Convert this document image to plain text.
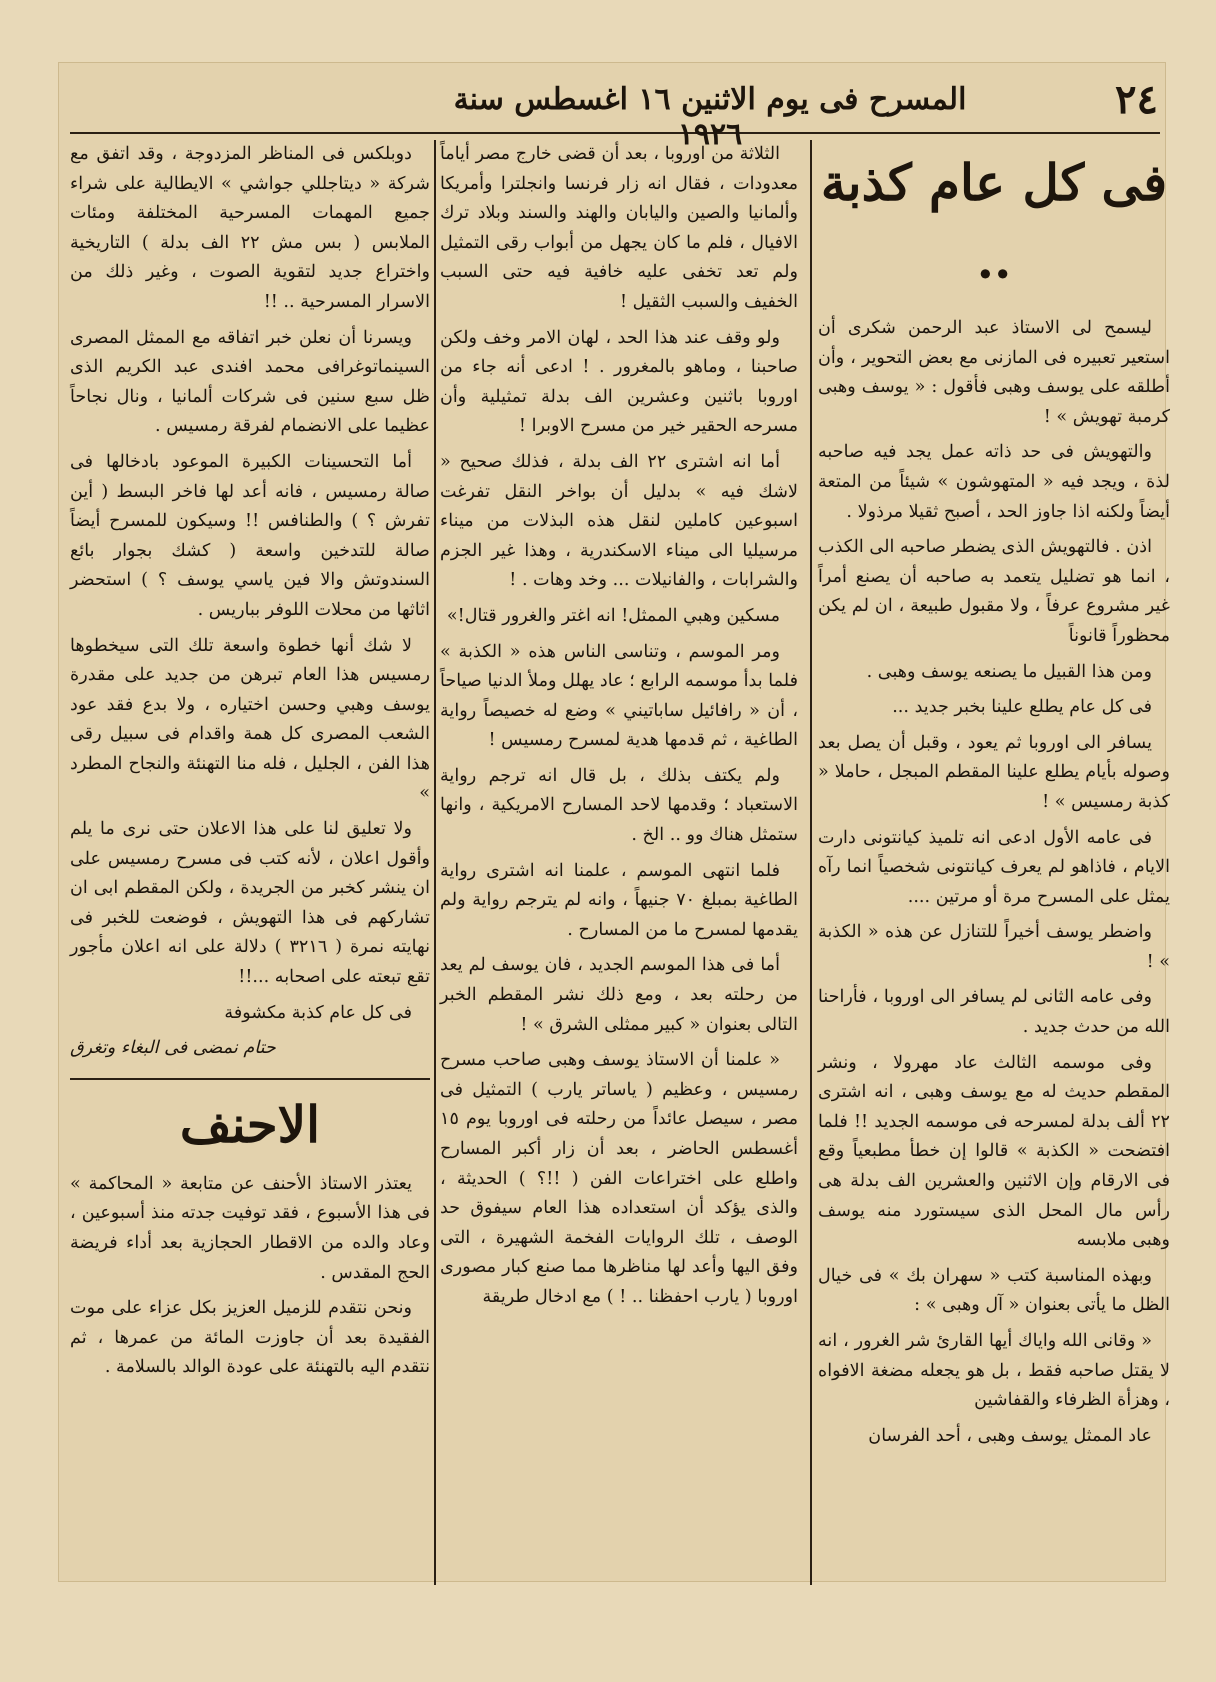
٢٤
المسرح فى يوم الاثنين ١٦ اغسطس سنة ١٩٢٦
فى كل عام كذبة ..

ليسمح لى الاستاذ عبد الرحمن شكرى أن استعير تعبيره فى المازنى مع بعض التحوير ، وأن أطلقه على يوسف وهبى فأقول : « يوسف وهبى كرمبة تهويش » !

والتهويش فى حد ذاته عمل يجد فيه صاحبه لذة ، ويجد فيه « المتهوشون » شيئاً من المتعة أيضاً ولكنه اذا جاوز الحد ، أصبح ثقيلا مرذولا .

اذن . فالتهويش الذى يضطر صاحبه الى الكذب ، انما هو تضليل يتعمد به صاحبه أن يصنع أمراً غير مشروع عرفاً ، ولا مقبول طبيعة ، ان لم يكن محظوراً قانوناً

ومن هذا القبيل ما يصنعه يوسف وهبى .

فى كل عام يطلع علينا بخبر جديد ...

يسافر الى اوروبا ثم يعود ، وقبل أن يصل بعد وصوله بأيام يطلع علينا المقطم المبجل ، حاملا « كذبة رمسيس » !

فى عامه الأول ادعى انه تلميذ كيانتونى دارت الايام ، فاذاهو لم يعرف كيانتونى شخصياً انما رآه يمثل على المسرح مرة أو مرتين ....

واضطر يوسف أخيراً للتنازل عن هذه « الكذبة » !

وفى عامه الثانى لم يسافر الى اوروبا ، فأراحنا الله من حدث جديد .

وفى موسمه الثالث عاد مهرولا ، ونشر المقطم حديث له مع يوسف وهبى ، انه اشترى ٢٢ ألف بدلة لمسرحه فى موسمه الجديد !! فلما افتضحت « الكذبة » قالوا إن خطأ مطبعياً وقع فى الارقام وإن الاثنين والعشرين الف بدلة هى رأس مال المحل الذى سيستورد منه يوسف وهبى ملابسه

وبهذه المناسبة كتب « سهران بك » فى خيال الظل ما يأتى بعنوان « آل وهبى » :

« وقانى الله واياك أيها القارئ شر الغرور ، انه لا يقتل صاحبه فقط ، بل هو يجعله مضغة الافواه ، وهزأة الظرفاء والقفاشين

عاد الممثل يوسف وهبى ، أحد الفرسان

الثلاثة من اوروبا ، بعد أن قضى خارج مصر أياماً معدودات ، فقال انه زار فرنسا وانجلترا وأمريكا وألمانيا والصين واليابان والهند والسند وبلاد ترك الافيال ، فلم ما كان يجهل من أبواب رقى التمثيل ولم تعد تخفى عليه خافية فيه حتى السبب الخفيف والسبب الثقيل !

ولو وقف عند هذا الحد ، لهان الامر وخف ولكن صاحبنا ، وماهو بالمغرور . ! ادعى أنه جاء من اوروبا باثنين وعشرين الف بدلة تمثيلية وأن مسرحه الحقير خير من مسرح الاوبرا !

أما انه اشترى ٢٢ الف بدلة ، فذلك صحيح « لاشك فيه » بدليل أن بواخر النقل تفرغت اسبوعين كاملين لنقل هذه البذلات من ميناء مرسيليا الى ميناء الاسكندرية ، وهذا غير الجزم والشرابات ، والفانيلات ... وخد وهات . !

مسكين وهبي الممثل! انه اغتر والغرور قتال!»

ومر الموسم ، وتناسى الناس هذه « الكذبة » فلما بدأ موسمه الرابع ؛ عاد يهلل وملأ الدنيا صياحاً ، أن « رافائيل ساباتيني » وضع له خصيصاً رواية الطاغية ، ثم قدمها هدية لمسرح رمسيس !

ولم يكتف بذلك ، بل قال انه ترجم رواية الاستعباد ؛ وقدمها لاحد المسارح الامريكية ، وانها ستمثل هناك وو .. الخ .

فلما انتهى الموسم ، علمنا انه اشترى رواية الطاغية بمبلغ ٧٠ جنيهاً ، وانه لم يترجم رواية ولم يقدمها لمسرح ما من المسارح .

أما فى هذا الموسم الجديد ، فان يوسف لم يعد من رحلته بعد ، ومع ذلك نشر المقطم الخبر التالى بعنوان « كبير ممثلى الشرق » !

« علمنا أن الاستاذ يوسف وهبى صاحب مسرح رمسيس ، وعظيم ( ياساتر يارب ) التمثيل فى مصر ، سيصل عائداً من رحلته فى اوروبا يوم ١٥ أغسطس الحاضر ، بعد أن زار أكبر المسارح واطلع على اختراعات الفن ( !!؟ ) الحديثة ، والذى يؤكد أن استعداده هذا العام سيفوق حد الوصف ، تلك الروايات الفخمة الشهيرة ، التى وفق اليها وأعد لها مناظرها مما صنع كبار مصورى اوروبا ( يارب احفظنا .. ! ) مع ادخال طريقة

دوبلكس فى المناظر المزدوجة ، وقد اتفق مع شركة « ديتاجللي جواشي » الايطالية على شراء جميع المهمات المسرحية المختلفة ومئات الملابس ( بس مش ٢٢ الف بدلة ) التاريخية واختراع جديد لتقوية الصوت ، وغير ذلك من الاسرار المسرحية .. !!

ويسرنا أن نعلن خبر اتفاقه مع الممثل المصرى السينماتوغرافى محمد افندى عبد الكريم الذى ظل سبع سنين فى شركات ألمانيا ، ونال نجاحاً عظيما على الانضمام لفرقة رمسيس .

أما التحسينات الكبيرة الموعود بادخالها فى صالة رمسيس ، فانه أعد لها فاخر البسط ( أين تفرش ؟ ) والطنافس !! وسيكون للمسرح أيضاً صالة للتدخين واسعة ( كشك بجوار بائع السندوتش والا فين ياسي يوسف ؟ ) استحضر اثاثها من محلات اللوفر بباريس .

لا شك أنها خطوة واسعة تلك التى سيخطوها رمسيس هذا العام تبرهن من جديد على مقدرة يوسف وهبي وحسن اختياره ، ولا بدع فقد عود الشعب المصرى كل همة واقدام فى سبيل رقى هذا الفن ، الجليل ، فله منا التهنئة والنجاح المطرد »

ولا تعليق لنا على هذا الاعلان حتى نرى ما يلم وأقول اعلان ، لأنه كتب فى مسرح رمسيس على ان ينشر كخبر من الجريدة ، ولكن المقطم ابى ان تشاركهم فى هذا التهويش ، فوضعت للخبر فى نهايته نمرة ( ٣٢١٦ ) دلالة على انه اعلان مأجور تقع تبعته على اصحابه ...!!

فى كل عام كذبة مكشوفة

حتام نمضى فى البغاء وتغرق

الاحنف

يعتذر الاستاذ الأحنف عن متابعة « المحاكمة » فى هذا الأسبوع ، فقد توفيت جدته منذ أسبوعين ، وعاد والده من الاقطار الحجازية بعد أداء فريضة الحج المقدس .

ونحن نتقدم للزميل العزيز بكل عزاء على موت الفقيدة بعد أن جاوزت المائة من عمرها ، ثم نتقدم اليه بالتهنئة على عودة الوالد بالسلامة .
